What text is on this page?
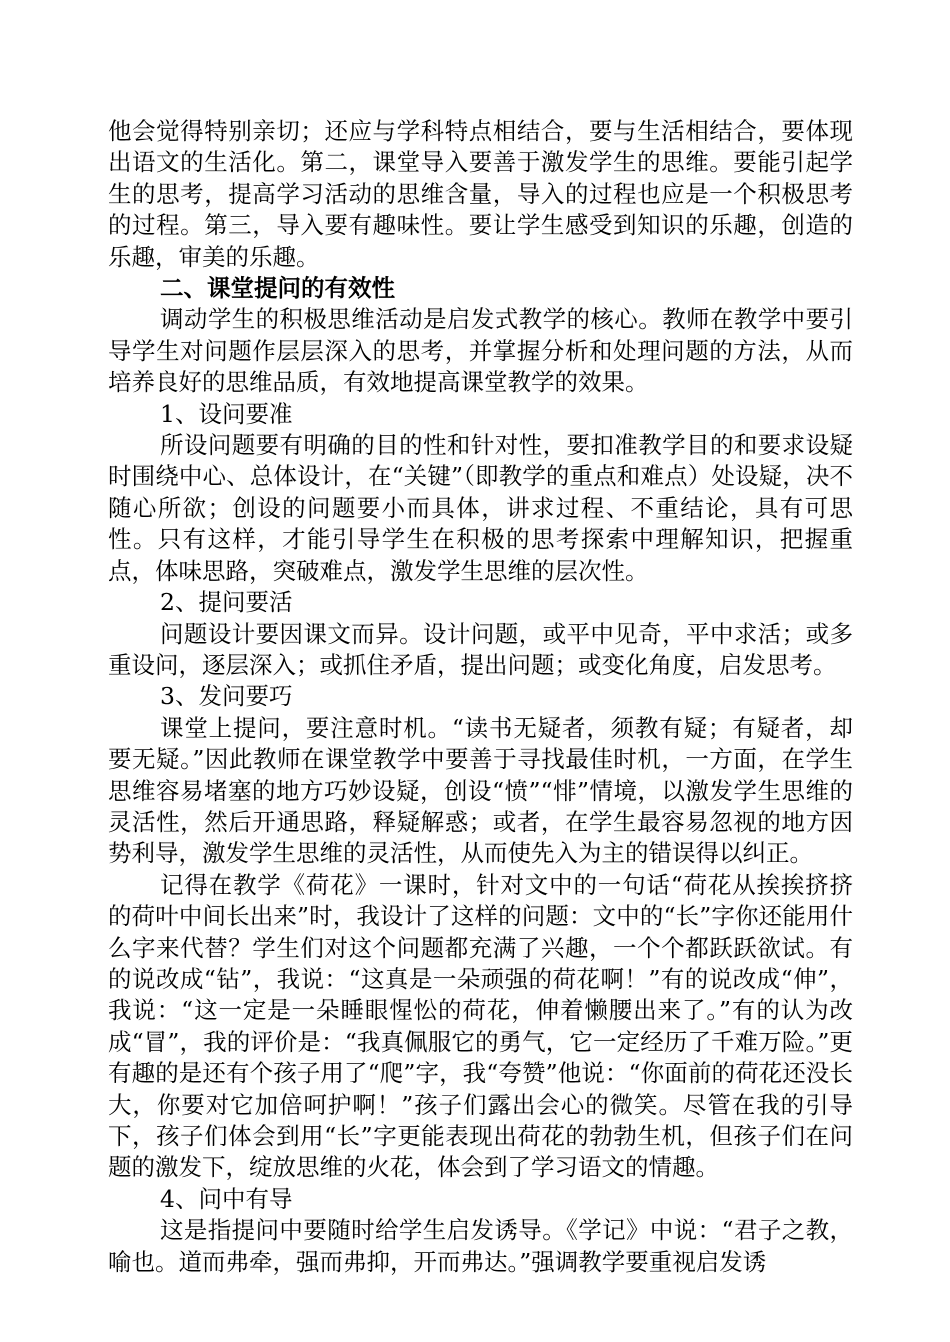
他会觉得特别亲切；还应与学科特点相结合，要与生活相结合，要体现出语文的生活化。第二，课堂导入要善于激发学生的思维。要能引起学生的思考，提高学习活动的思维含量，导入的过程也应是一个积极思考的过程。第三，导入要有趣味性。要让学生感受到知识的乐趣，创造的乐趣，审美的乐趣。

二、课堂提问的有效性

调动学生的积极思维活动是启发式教学的核心。教师在教学中要引导学生对问题作层层深入的思考，并掌握分析和处理问题的方法，从而培养良好的思维品质，有效地提高课堂教学的效果。

1、设问要准

所设问题要有明确的目的性和针对性，要扣准教学目的和要求设疑时围绕中心、总体设计，在“关键”（即教学的重点和难点）处设疑，决不随心所欲；创设的问题要小而具体，讲求过程、不重结论，具有可思性。只有这样，才能引导学生在积极的思考探索中理解知识，把握重点，体味思路，突破难点，激发学生思维的层次性。

2、提问要活

问题设计要因课文而异。设计问题，或平中见奇，平中求活；或多重设问，逐层深入；或抓住矛盾，提出问题；或变化角度，启发思考。

3、发问要巧

课堂上提问，要注意时机。“读书无疑者，须教有疑；有疑者，却要无疑。”因此教师在课堂教学中要善于寻找最佳时机，一方面，在学生思维容易堵塞的地方巧妙设疑，创设“愤”“悱”情境，以激发学生思维的灵活性，然后开通思路，释疑解惑；或者，在学生最容易忽视的地方因势利导，激发学生思维的灵活性，从而使先入为主的错误得以纠正。

记得在教学《荷花》一课时，针对文中的一句话“荷花从挨挨挤挤的荷叶中间长出来”时，我设计了这样的问题：文中的“长”字你还能用什么字来代替？学生们对这个问题都充满了兴趣，一个个都跃跃欲试。有的说改成“钻”，我说：“这真是一朵顽强的荷花啊！”有的说改成“伸”，我说：“这一定是一朵睡眼惺忪的荷花，伸着懒腰出来了。”有的认为改成“冒”，我的评价是：“我真佩服它的勇气，它一定经历了千难万险。”更有趣的是还有个孩子用了“爬”字，我“夸赞”他说：“你面前的荷花还没长大，你要对它加倍呵护啊！”孩子们露出会心的微笑。尽管在我的引导下，孩子们体会到用“长”字更能表现出荷花的勃勃生机，但孩子们在问题的激发下，绽放思维的火花，体会到了学习语文的情趣。

4、问中有导

这是指提问中要随时给学生启发诱导。《学记》中说：“君子之教，喻也。道而弗牵，强而弗抑，开而弗达。”强调教学要重视启发诱
